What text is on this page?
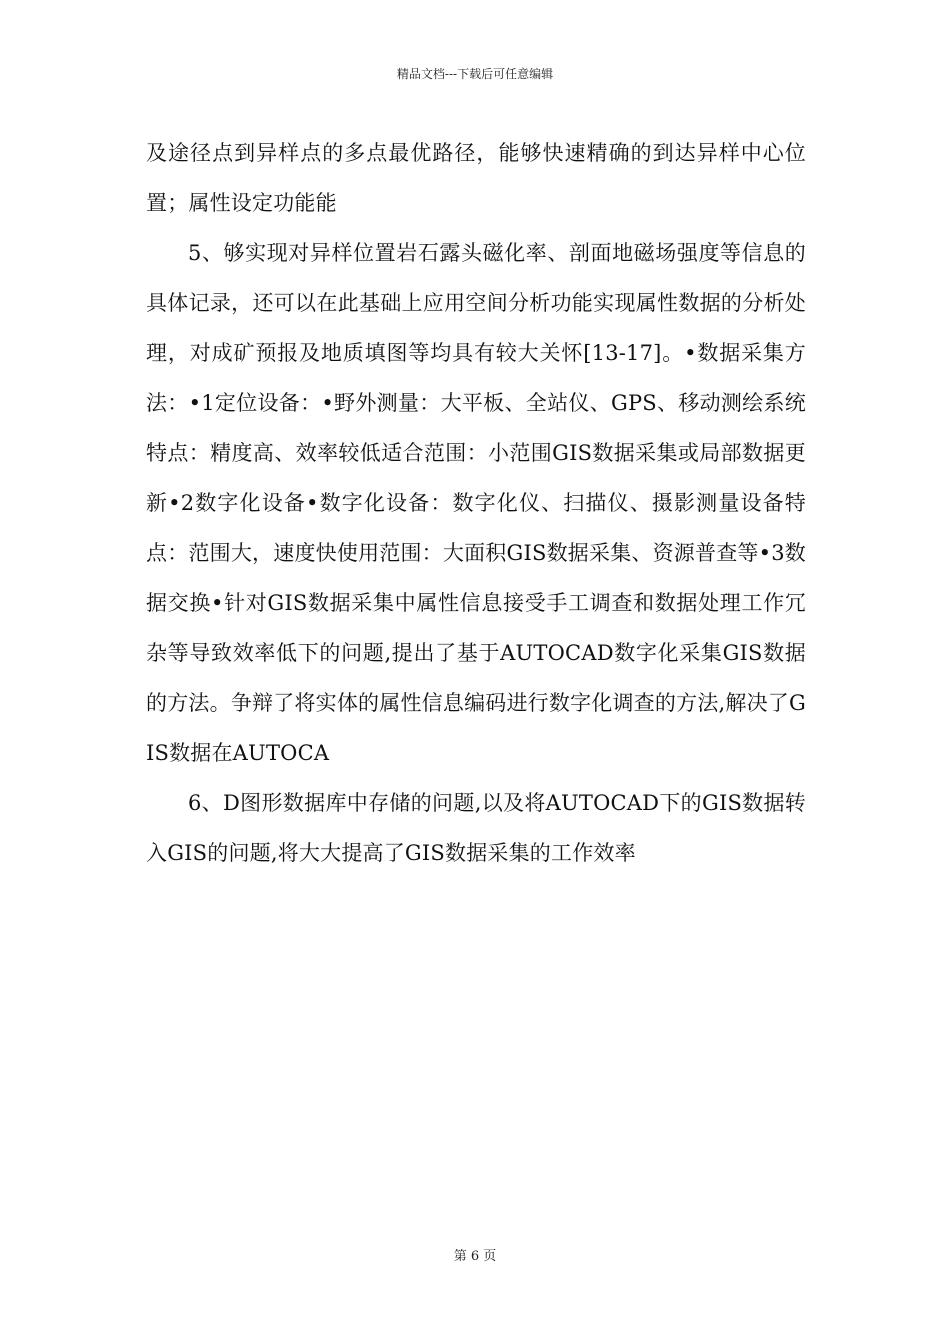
精品文档---下载后可任意编辑

及途径点到异样点的多点最优路径，能够快速精确的到达异样中心位置；属性设定功能能

5、够实现对异样位置岩石露头磁化率、剖面地磁场强度等信息的具体记录，还可以在此基础上应用空间分析功能实现属性数据的分析处理，对成矿预报及地质填图等均具有较大关怀[13-17]。•数据采集方法：•1定位设备：•野外测量：大平板、全站仪、GPS、移动测绘系统特点：精度高、效率较低适合范围：小范围GIS数据采集或局部数据更新•2数字化设备•数字化设备：数字化仪、扫描仪、摄影测量设备特点：范围大，速度快使用范围：大面积GIS数据采集、资源普查等•3数据交换•针对GIS数据采集中属性信息接受手工调查和数据处理工作冗杂等导致效率低下的问题,提出了基于AUTOCAD数字化采集GIS数据的方法。争辩了将实体的属性信息编码进行数字化调查的方法,解决了GIS数据在AUTOCA

6、D图形数据库中存储的问题,以及将AUTOCAD下的GIS数据转入GIS的问题,将大大提高了GIS数据采集的工作效率

第 6 页
